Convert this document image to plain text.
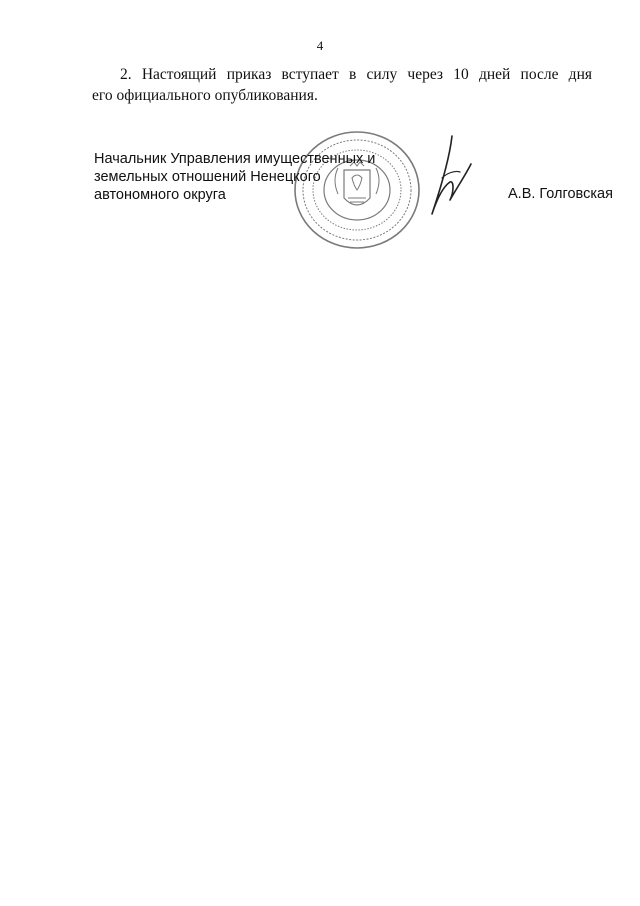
4
2. Настоящий приказ вступает в силу через 10 дней после дня
его официального опубликования.
Начальник Управления имущественных и
земельных отношений Ненецкого
автономного округа	А.В. Голговская
